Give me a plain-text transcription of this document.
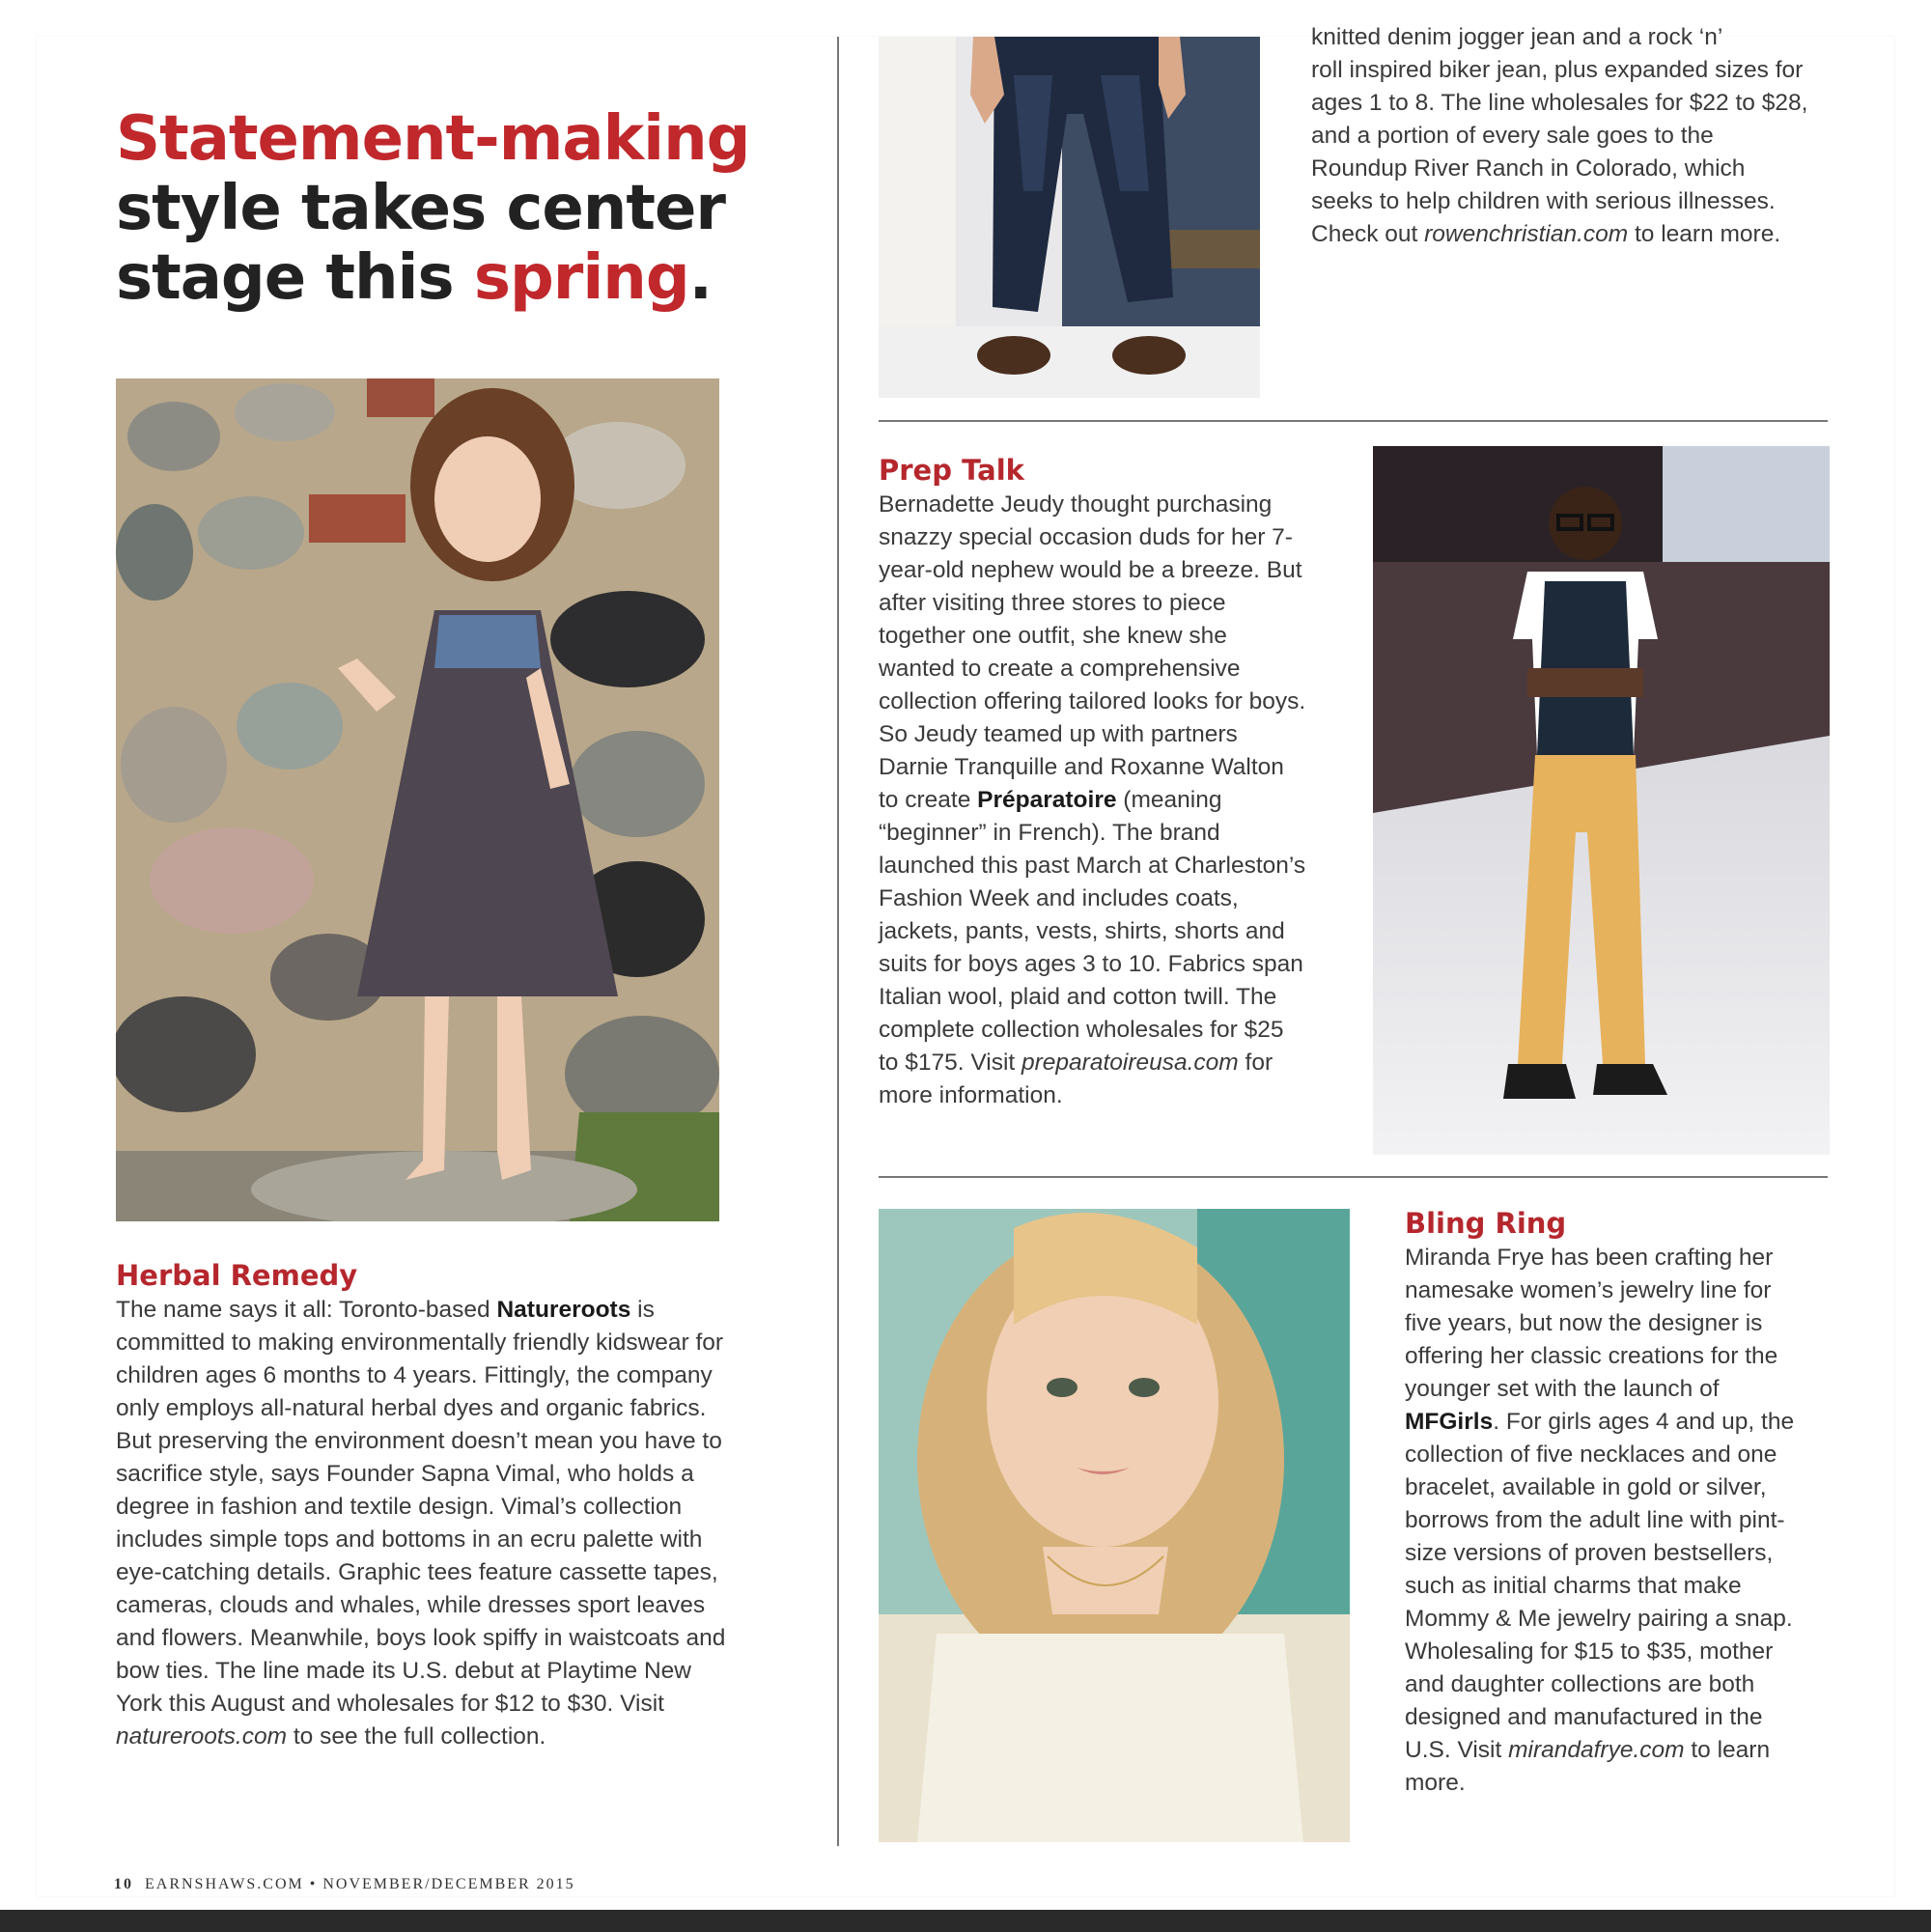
Statement-making style takes center stage this spring.

knitted denim jogger jean and a rock ‘n’
roll inspired biker jean, plus expanded sizes for ages 1 to 8. The line wholesales for $22 to $28, and a portion of every sale goes to the Roundup River Ranch in Colorado, which seeks to help children with serious illnesses. Check out rowenchristian.com to learn more.

Prep Talk

Bernadette Jeudy thought purchasing snazzy special occasion duds for her 7-year-old nephew would be a breeze. But after visiting three stores to piece together one outfit, she knew she wanted to create a comprehensive collection offering tailored looks for boys. So Jeudy teamed up with partners Darnie Tranquille and Roxanne Walton to create Préparatoire (meaning “beginner” in French). The brand launched this past March at Charleston’s Fashion Week and includes coats, jackets, pants, vests, shirts, shorts and suits for boys ages 3 to 10. Fabrics span Italian wool, plaid and cotton twill. The complete collection wholesales for $25 to $175. Visit preparatoireusa.com for more information.

Bling Ring

Miranda Frye has been crafting her namesake women’s jewelry line for five years, but now the designer is offering her classic creations for the younger set with the launch of MFGirls. For girls ages 4 and up, the collection of five necklaces and one bracelet, available in gold or silver, borrows from the adult line with pint-size versions of proven bestsellers, such as initial charms that make Mommy & Me jewelry pairing a snap. Wholesaling for $15 to $35, mother and daughter collections are both designed and manufactured in the U.S. Visit mirandafrye.com to learn more.

Herbal Remedy

The name says it all: Toronto-based Natureroots is committed to making environmentally friendly kidswear for children ages 6 months to 4 years. Fittingly, the company only employs all-natural herbal dyes and organic fabrics. But preserving the environment doesn’t mean you have to sacrifice style, says Founder Sapna Vimal, who holds a degree in fashion and textile design. Vimal’s collection includes simple tops and bottoms in an ecru palette with eye-catching details. Graphic tees feature cassette tapes, cameras, clouds and whales, while dresses sport leaves and flowers. Meanwhile, boys look spiffy in waistcoats and bow ties. The line made its U.S. debut at Playtime New York this August and wholesales for $12 to $30. Visit natureroots.com to see the full collection.

10 EARNSHAWS.COM • NOVEMBER/DECEMBER 2015
